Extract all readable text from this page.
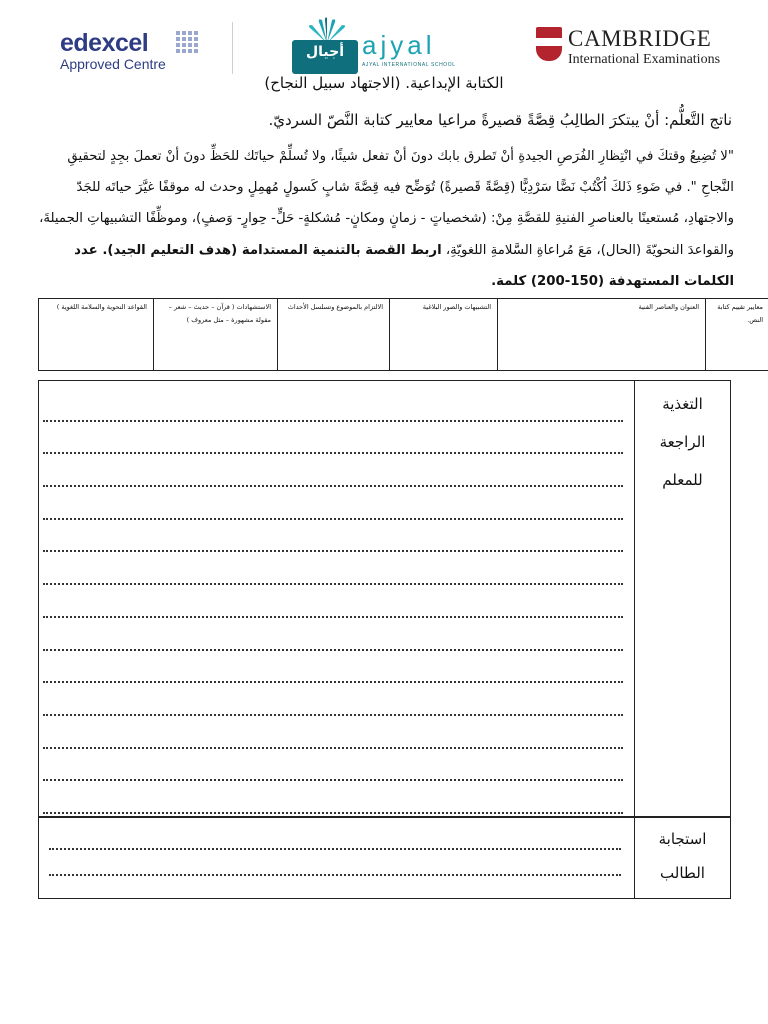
edexcel
Approved Centre
أجيال ajyal
AJYAL INTERNATIONAL SCHOOL
CAMBRIDGE
International Examinations
الكتابة الإبداعية. (الاجتهاد سبيل النجاح)
ناتج التَّعلُّم: أنْ يبتكرَ الطالِبُ قِصَّةً قصيرةً مراعيا معايير كتابة النَّصّ السرديّ.
"لا تُضِيعُ وقتكَ في انْتِظارِ الفُرَصِ الجيدةِ أنْ تَطرق بابك دونَ أنْ تفعل شيئًا، ولا تُسلِّمْ حياتَك للحَظِّ دونَ أنْ تعملَ بجِدٍ لتحقيقِ النَّجاحِ ". في ضَوءِ ذَلكَ اُكْتُبْ نَصًّا سَرْدِيًّا (قِصَّةً قَصيرةً) تُوَضِّح فيه قِصَّةَ شابٍ كَسولٍ مُهمِلٍ وحدث له موقفًا غيَّرَ حياتَه للجَدّ والاجتهادِ، مُستعينًا بالعناصرِ الفنيةِ للقصَّةِ مِنْ: (شخصياتٍ - زمانٍ ومكانٍ- مُشكلةٍ- حَلٍّ- حِوارٍ- وَصفٍ)، وموظِّفًا التشبيهاتِ الجميلةَ، والقواعدَ النحويّةَ (الحال)، مَعَ مُراعاةِ السَّلامةِ اللغويّةِ، اربط القصة بالتنمية المستدامة (هدف التعليم الجيد). عدد الكلمات المستهدفة (150-200) كلمة.
معايير تقييم كتابة النص.	العنوان والعناصر الفنية	التشبيهات والصور البلاغية	الالتزام بالموضوع وتسلسل الأحداث	الاستشهادات ( قرآن – حديث – شعر – مقولة مشهورة – مثل معروف )	القواعد النحوية والسلامة اللغوية )
التغذية
الراجعة
للمعلم
استجابة
الطالب
